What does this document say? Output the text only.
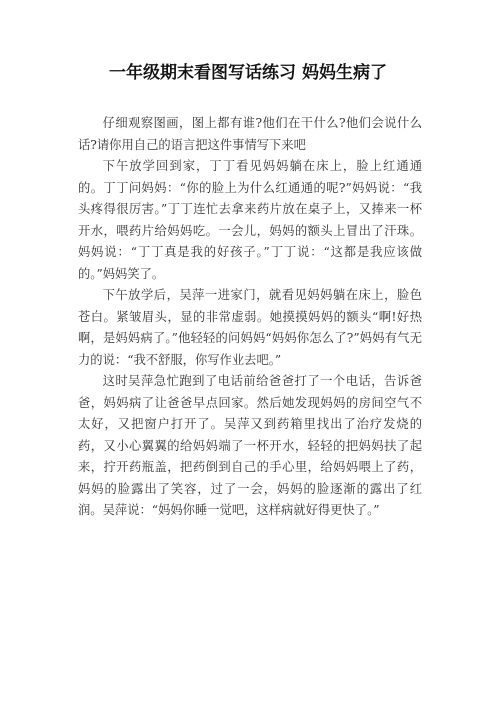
一年级期末看图写话练习 妈妈生病了

仔细观察图画，图上都有谁?他们在干什么?他们会说什么话?请你用自己的语言把这件事情写下来吧

下午放学回到家，丁丁看见妈妈躺在床上，脸上红通通的。丁丁问妈妈：“你的脸上为什么红通通的呢?”妈妈说：“我头疼得很厉害。”丁丁连忙去拿来药片放在桌子上，又捧来一杯开水，喂药片给妈妈吃。一会儿，妈妈的额头上冒出了汗珠。妈妈说：“丁丁真是我的好孩子。”丁丁说：“这都是我应该做的。”妈妈笑了。

下午放学后，吴萍一进家门，就看见妈妈躺在床上，脸色苍白。紧皱眉头，显的非常虚弱。她摸摸妈妈的额头“啊!好热啊，是妈妈病了。”他轻轻的问妈妈“妈妈你怎么了?”妈妈有气无力的说：“我不舒服，你写作业去吧。”

这时吴萍急忙跑到了电话前给爸爸打了一个电话，告诉爸爸，妈妈病了让爸爸早点回家。然后她发现妈妈的房间空气不太好，又把窗户打开了。吴萍又到药箱里找出了治疗发烧的药，又小心翼翼的给妈妈端了一杯开水，轻轻的把妈妈扶了起来，拧开药瓶盖，把药倒到自己的手心里，给妈妈喂上了药，妈妈的脸露出了笑容，过了一会，妈妈的脸逐渐的露出了红润。吴萍说：“妈妈你睡一觉吧，这样病就好得更快了。”
